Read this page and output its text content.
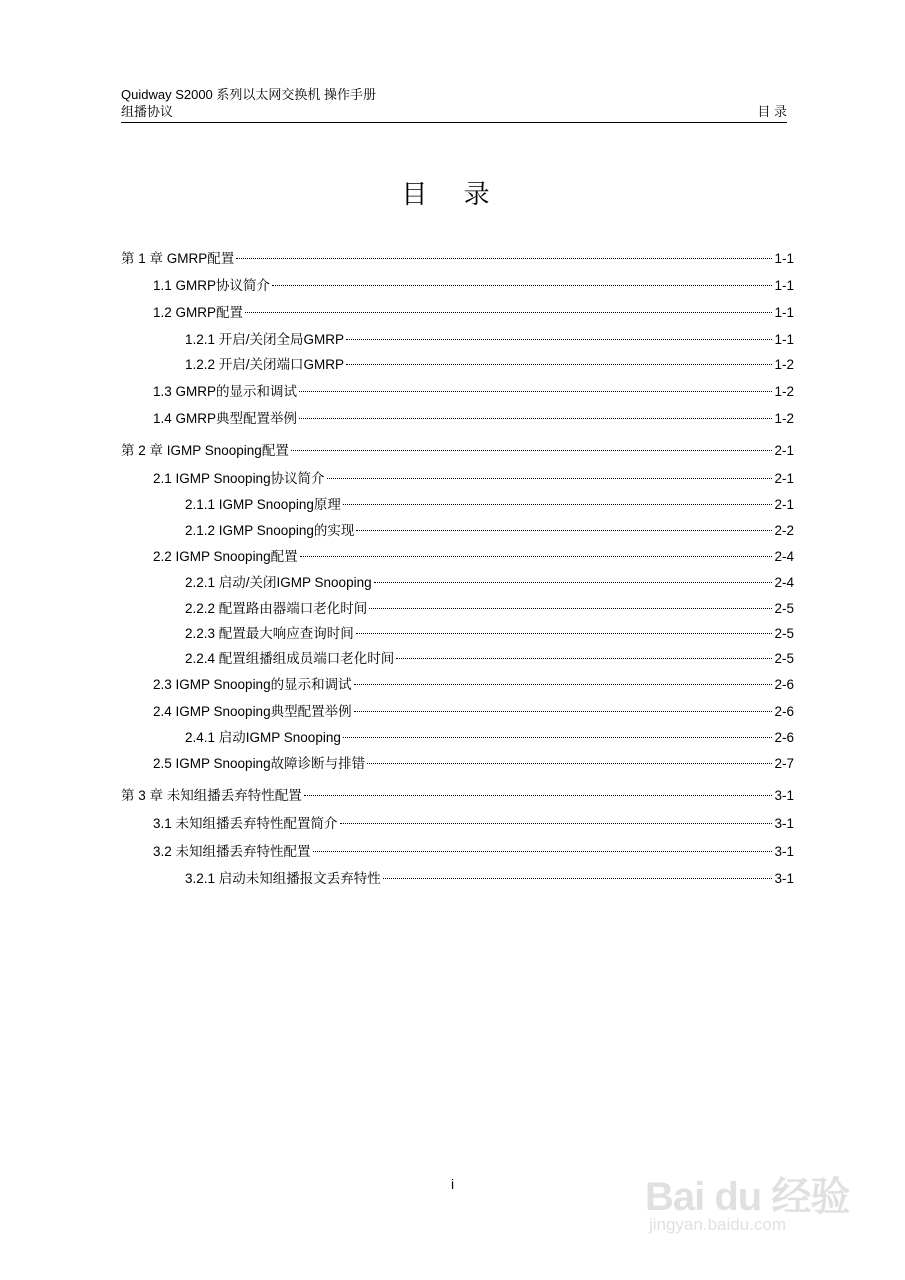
Quidway S2000 系列以太网交换机 操作手册
组播协议	目 录
目 录
第 1 章 GMRP配置	1-1
1.1 GMRP协议简介	1-1
1.2 GMRP配置	1-1
1.2.1 开启/关闭全局GMRP	1-1
1.2.2 开启/关闭端口GMRP	1-2
1.3 GMRP的显示和调试	1-2
1.4 GMRP典型配置举例	1-2
第 2 章 IGMP Snooping配置	2-1
2.1 IGMP Snooping协议简介	2-1
2.1.1 IGMP Snooping原理	2-1
2.1.2 IGMP Snooping的实现	2-2
2.2 IGMP Snooping配置	2-4
2.2.1 启动/关闭IGMP Snooping	2-4
2.2.2 配置路由器端口老化时间	2-5
2.2.3 配置最大响应查询时间	2-5
2.2.4 配置组播组成员端口老化时间	2-5
2.3 IGMP Snooping的显示和调试	2-6
2.4 IGMP Snooping典型配置举例	2-6
2.4.1 启动IGMP Snooping	2-6
2.5 IGMP Snooping故障诊断与排错	2-7
第 3 章 未知组播丢弃特性配置	3-1
3.1 未知组播丢弃特性配置简介	3-1
3.2 未知组播丢弃特性配置	3-1
3.2.1 启动未知组播报文丢弃特性	3-1
i	Bai du 经验
jingyan.baidu.com
